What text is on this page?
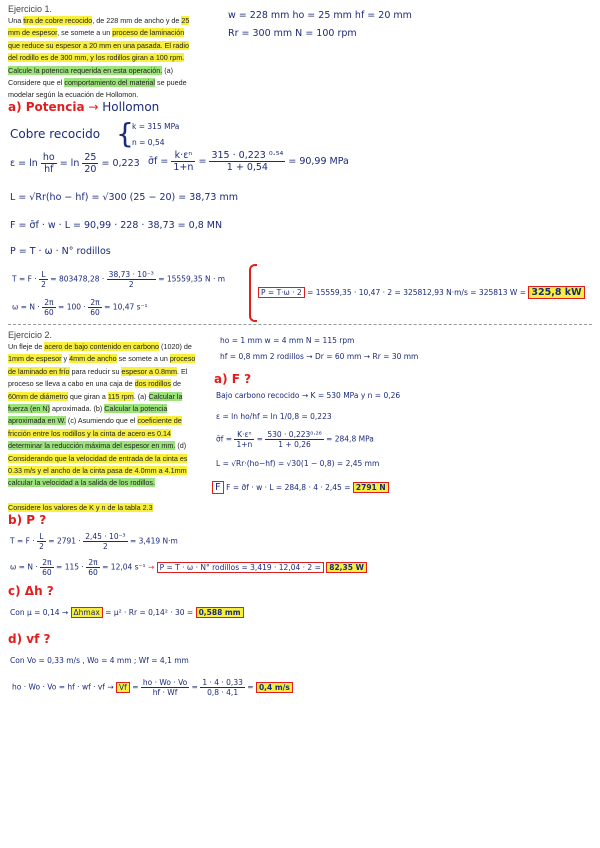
Ejercicio 1.
Una tira de cobre recocido, de 228 mm de ancho y de 25
mm de espesor, se somete a un proceso de laminación
que reduce su espesor a 20 mm en una pasada. El radio
del rodillo es de 300 mm, y los rodillos giran a 100 rpm.
Calcule la potencia requerida en esta operación. (a)
Considere que el comportamiento del material se puede
modelar según la ecuación de Hollomon.
w = 228 mm ho = 25 mm hf = 20 mm
Rr = 300 mm N = 100 rpm
a) Potencia → Hollomon
Cobre recocido {
k = 315 MPa
n = 0,54
$\varepsilon = \ln \frac{ho}{hf} = \ln \frac{25}{20} = 0,223$ σ̄f = $\frac{\text{k·εⁿ}}{1+n} = \frac{\text{315 · 0,223 ⁰·⁵⁴}}{1 + 0,54} = 90,99$ MPa
L = √Rr(ho − hf) = √300 (25 − 20) = 38,73 mm
F = σ̄f · w · L = 90,99 · 228 · 38,73 = 0,8 MN
P = T · ω · N° rodillos
$T = F \cdot \frac{L}{2} = 803478,28 \cdot \frac{\text{38,73 · 10⁻³}}{2} = 15559,35$ N · m
$\omega = N \cdot \frac{2\pi}{60} = 100 \cdot \frac{2\pi}{60} = 10,47$ s⁻¹
P = T·ω · 2 = 15559,35 · 10,47 · 2 = 325812,93 N·m/s = 325813 W = 325,8 kW
Ejercicio 2.
Un fleje de acero de bajo contenido en carbono (1020) de
1mm de espesor y 4mm de ancho se somete a un proceso
de laminado en frío para reducir su espesor a 0.8mm. El
proceso se lleva a cabo en una caja de dos rodillos de
60mm de diámetro que giran a 115 rpm. (a) Calcular la
fuerza (en N) aproximada. (b) Calcular la potencia
aproximada en W. (c) Asumiendo que el coeficiente de
fricción entre los rodillos y la cinta de acero es 0.14
determinar la reducción máxima del espesor en mm. (d)
Considerando que la velocidad de entrada de la cinta es
0.33 m/s y el ancho de la cinta pasa de 4.0mm a 4.1mm
calcular la velocidad a la salida de los rodillos.
Considere los valores de K y n de la tabla 2.3
ho = 1 mm w = 4 mm N = 115 rpm
hf = 0,8 mm 2 rodillos → Dr = 60 mm → Rr = 30 mm
a) F ?
Bajo carbono recocido → K = 530 MPa y n = 0,26
ε = ln ho/hf = ln 1/0,8 = 0,223
σ̄f = $\frac{\text{K·εⁿ}}{1+n} = \frac{\text{530 · 0,223⁰·²⁶}}{1 + 0,26} = 284,8$ MPa
L = √Rr·(ho−hf) = √30(1 − 0,8) = 2,45 mm
F F = σ̄f · w · L = 284,8 · 4 · 2,45 = 2791 N
b) P ?
$T = F \cdot \frac{L}{2} = 2791 \cdot \frac{\text{2,45 · 10⁻³}}{2} = 3,419$ N·m
$\omega = N \cdot \frac{2\pi}{60} = 115 \cdot \frac{2\pi}{60} = 12,04$ s⁻¹ → P = T · ω · N° rodillos = 3,419 · 12,04 · 2 = 82,35 W
c) Δh ?
Con μ = 0,14 → Δhmax = μ² · Rr = 0,14² · 30 = 0,588 mm
d) vf ?
Con Vo = 0,33 m/s , Wo = 4 mm ; Wf = 4,1 mm
ho · Wo · Vo = hf · wf · vf → $Vf = \frac{ho \cdot Wo \cdot Vo}{hf \cdot Wf} = \frac{1 \cdot 4 \cdot 0,33}{0,8 \cdot 4,1} = 0,4$ m/s
